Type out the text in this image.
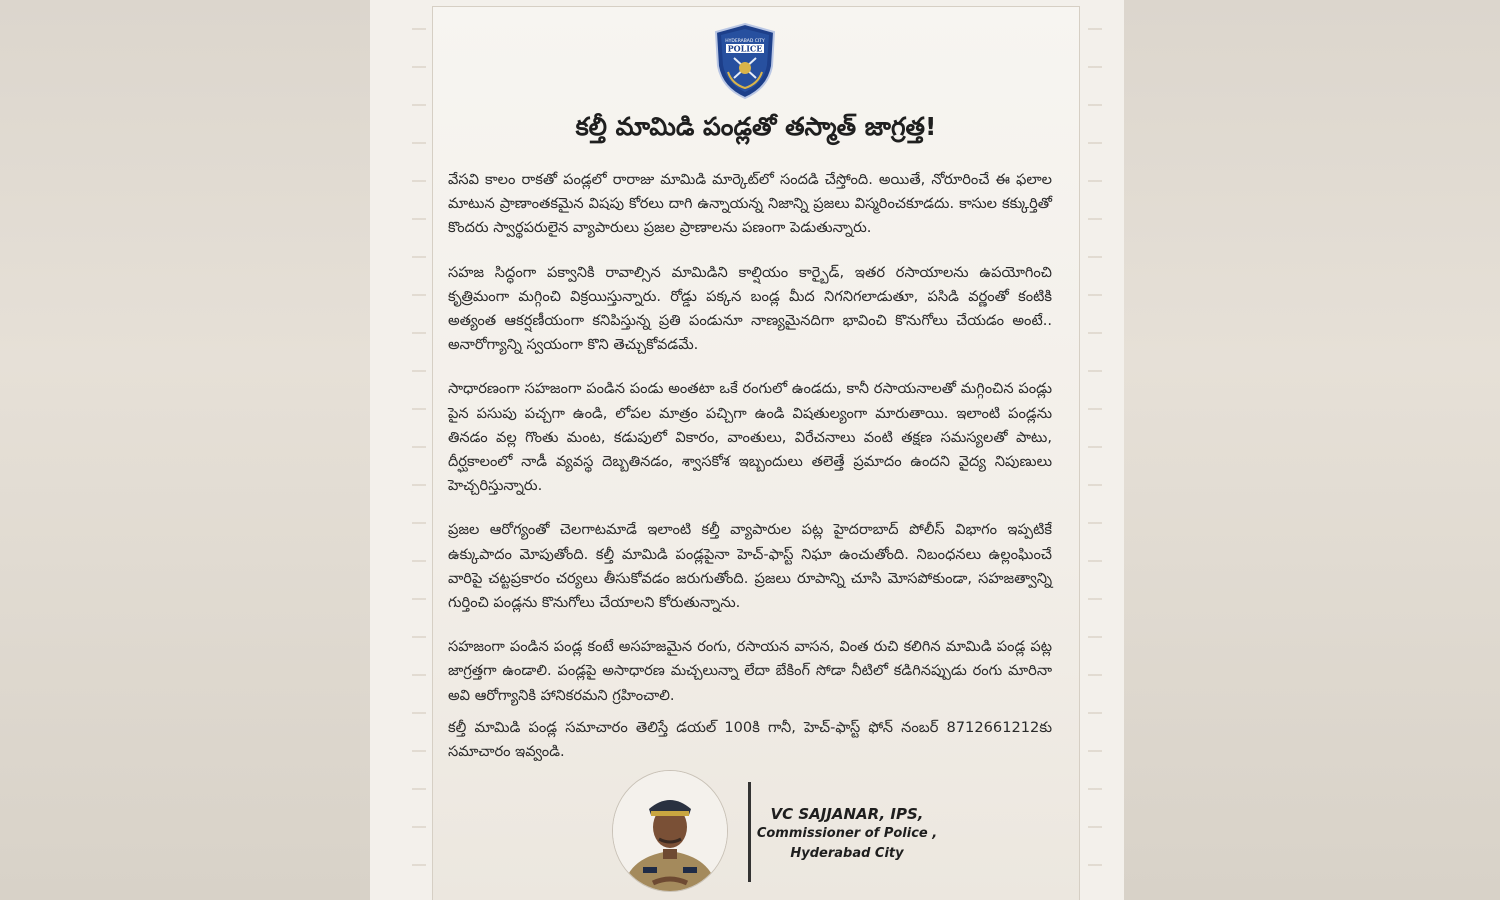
HYDERABAD CITY
POLICE
కల్తీ మామిడి పండ్లతో తస్మాత్ జాగ్రత్త!

వేసవి కాలం రాకతో పండ్లలో రారాజు మామిడి మార్కెట్‌లో సందడి చేస్తోంది. అయితే, నోరూరించే ఈ ఫలాల మాటున ప్రాణాంతకమైన విషపు కోరలు దాగి ఉన్నాయన్న నిజాన్ని ప్రజలు విస్మరించకూడదు. కాసుల కక్కుర్తితో కొందరు స్వార్థపరులైన వ్యాపారులు ప్రజల ప్రాణాలను పణంగా పెడుతున్నారు.

సహజ సిద్ధంగా పక్వానికి రావాల్సిన మామిడిని కాల్షియం కార్బైడ్, ఇతర రసాయాలను ఉపయోగించి కృత్రిమంగా మగ్గించి విక్రయిస్తున్నారు. రోడ్డు పక్కన బండ్ల మీద నిగనిగలాడుతూ, పసిడి వర్ణంతో కంటికి అత్యంత ఆకర్షణీయంగా కనిపిస్తున్న ప్రతి పండునూ నాణ్యమైనదిగా భావించి కొనుగోలు చేయడం అంటే.. అనారోగ్యాన్ని స్వయంగా కొని తెచ్చుకోవడమే.

సాధారణంగా సహజంగా పండిన పండు అంతటా ఒకే రంగులో ఉండదు, కానీ రసాయనాలతో మగ్గించిన పండ్లు పైన పసుపు పచ్చగా ఉండి, లోపల మాత్రం పచ్చిగా ఉండి విషతుల్యంగా మారుతాయి. ఇలాంటి పండ్లను తినడం వల్ల గొంతు మంట, కడుపులో వికారం, వాంతులు, విరేచనాలు వంటి తక్షణ సమస్యలతో పాటు, దీర్ఘకాలంలో నాడీ వ్యవస్థ దెబ్బతినడం, శ్వాసకోశ ఇబ్బందులు తలెత్తే ప్రమాదం ఉందని వైద్య నిపుణులు హెచ్చరిస్తున్నారు.

ప్రజల ఆరోగ్యంతో చెలగాటమాడే ఇలాంటి కల్తీ వ్యాపారుల పట్ల హైదరాబాద్ పోలీస్ విభాగం ఇప్పటికే ఉక్కుపాదం మోపుతోంది. కల్తీ మామిడి పండ్లపైనా హెచ్-ఫాస్ట్ నిఘా ఉంచుతోంది. నిబంధనలు ఉల్లంఘించే వారిపై చట్టప్రకారం చర్యలు తీసుకోవడం జరుగుతోంది. ప్రజలు రూపాన్ని చూసి మోసపోకుండా, సహజత్వాన్ని గుర్తించి పండ్లను కొనుగోలు చేయాలని కోరుతున్నాను.

సహజంగా పండిన పండ్ల కంటే అసహజమైన రంగు, రసాయన వాసన, వింత రుచి కలిగిన మామిడి పండ్ల పట్ల జాగ్రత్తగా ఉండాలి. పండ్లపై అసాధారణ మచ్చలున్నా లేదా బేకింగ్ సోడా నీటిలో కడిగినప్పుడు రంగు మారినా అవి ఆరోగ్యానికి హానికరమని గ్రహించాలి.

కల్తీ మామిడి పండ్ల సమాచారం తెలిస్తే డయల్ 100కి గానీ, హెచ్-ఫాస్ట్ ఫోన్ నంబర్ 8712661212కు సమాచారం ఇవ్వండి.

VC SAJJANAR, IPS,
Commissioner of Police ,
Hyderabad City
